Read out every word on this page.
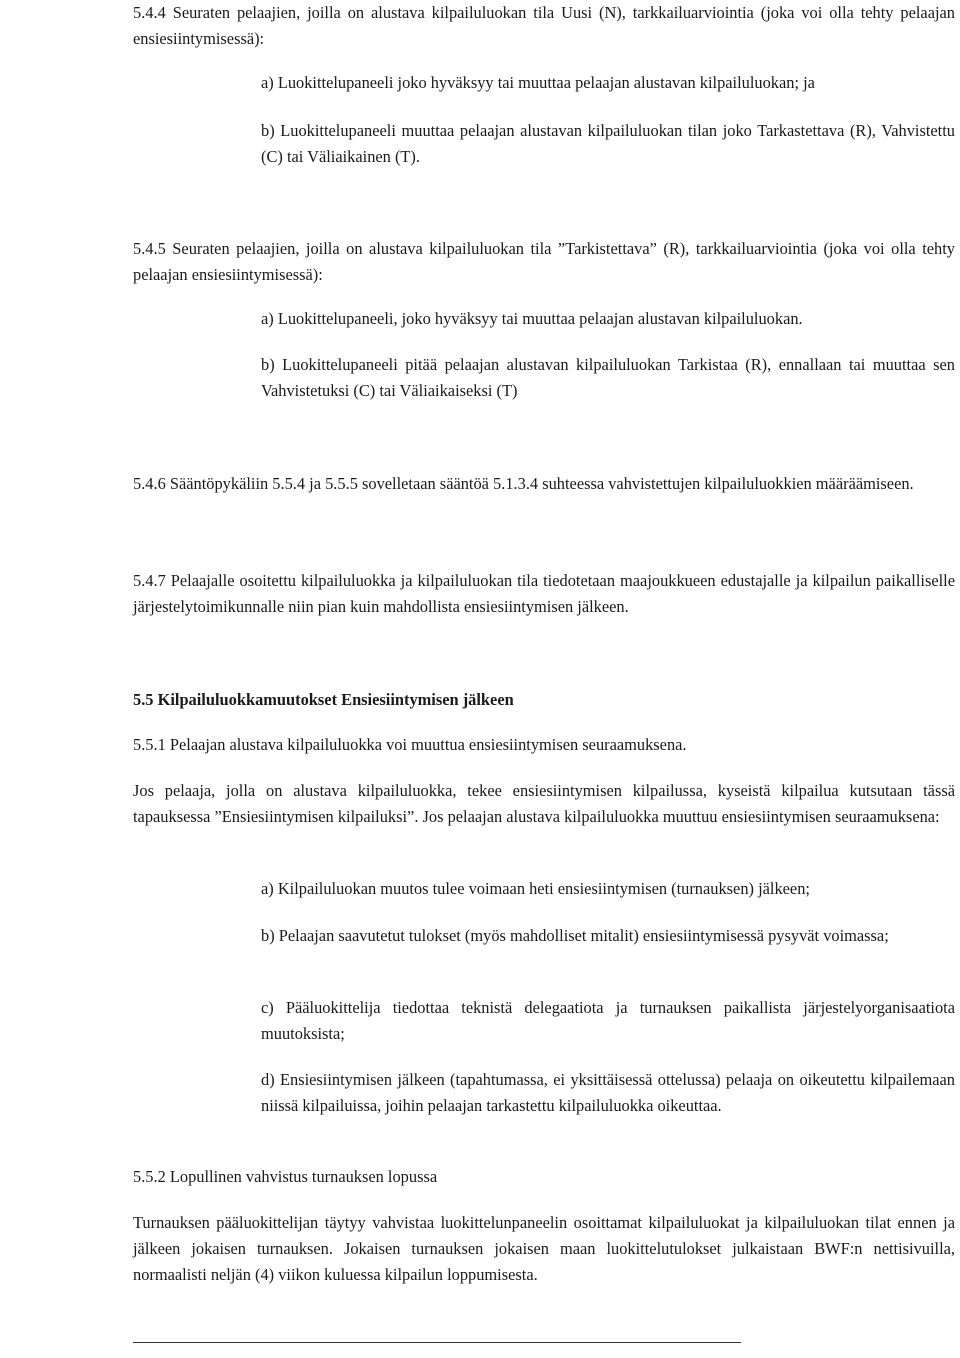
5.4.4 Seuraten pelaajien, joilla on alustava kilpailuluokan tila Uusi (N), tarkkailuarviointia (joka voi olla tehty pelaajan ensiesiintymisessä):

a) Luokittelupaneeli joko hyväksyy tai muuttaa pelaajan alustavan kilpailuluokan; ja

b) Luokittelupaneeli muuttaa pelaajan alustavan kilpailuluokan tilan joko Tarkastettava (R), Vahvistettu (C) tai Väliaikainen (T).

5.4.5 Seuraten pelaajien, joilla on alustava kilpailuluokan tila ”Tarkistettava” (R), tarkkailuarviointia (joka voi olla tehty pelaajan ensiesiintymisessä):

a) Luokittelupaneeli, joko hyväksyy tai muuttaa pelaajan alustavan kilpailuluokan.

b) Luokittelupaneeli pitää pelaajan alustavan kilpailuluokan Tarkistaa (R), ennallaan tai muuttaa sen Vahvistetuksi (C) tai Väliaikaiseksi (T)

5.4.6 Sääntöpykäliin 5.5.4 ja 5.5.5 sovelletaan sääntöä 5.1.3.4 suhteessa vahvistettujen kilpailuluokkien määräämiseen.

5.4.7 Pelaajalle osoitettu kilpailuluokka ja kilpailuluokan tila tiedotetaan maajoukkueen edustajalle ja kilpailun paikalliselle järjestelytoimikunnalle niin pian kuin mahdollista ensiesiintymisen jälkeen.

5.5 Kilpailuluokkamuutokset Ensiesiintymisen jälkeen

5.5.1 Pelaajan alustava kilpailuluokka voi muuttua ensiesiintymisen seuraamuksena.

Jos pelaaja, jolla on alustava kilpailuluokka, tekee ensiesiintymisen kilpailussa, kyseistä kilpailua kutsutaan tässä tapauksessa ”Ensiesiintymisen kilpailuksi”. Jos pelaajan alustava kilpailuluokka muuttuu ensiesiintymisen seuraamuksena:

a) Kilpailuluokan muutos tulee voimaan heti ensiesiintymisen (turnauksen) jälkeen;

b) Pelaajan saavutetut tulokset (myös mahdolliset mitalit) ensiesiintymisessä pysyvät voimassa;

c) Pääluokittelija tiedottaa teknistä delegaatiota ja turnauksen paikallista järjestelyorganisaatiota muutoksista;

d) Ensiesiintymisen jälkeen (tapahtumassa, ei yksittäisessä ottelussa) pelaaja on oikeutettu kilpailemaan niissä kilpailuissa, joihin pelaajan tarkastettu kilpailuluokka oikeuttaa.

5.5.2 Lopullinen vahvistus turnauksen lopussa

Turnauksen pääluokittelijan täytyy vahvistaa luokittelunpaneelin osoittamat kilpailuluokat ja kilpailuluokan tilat ennen ja jälkeen jokaisen turnauksen. Jokaisen turnauksen jokaisen maan luokittelutulokset julkaistaan BWF:n nettisivuilla, normaalisti neljän (4) viikon kuluessa kilpailun loppumisesta.
